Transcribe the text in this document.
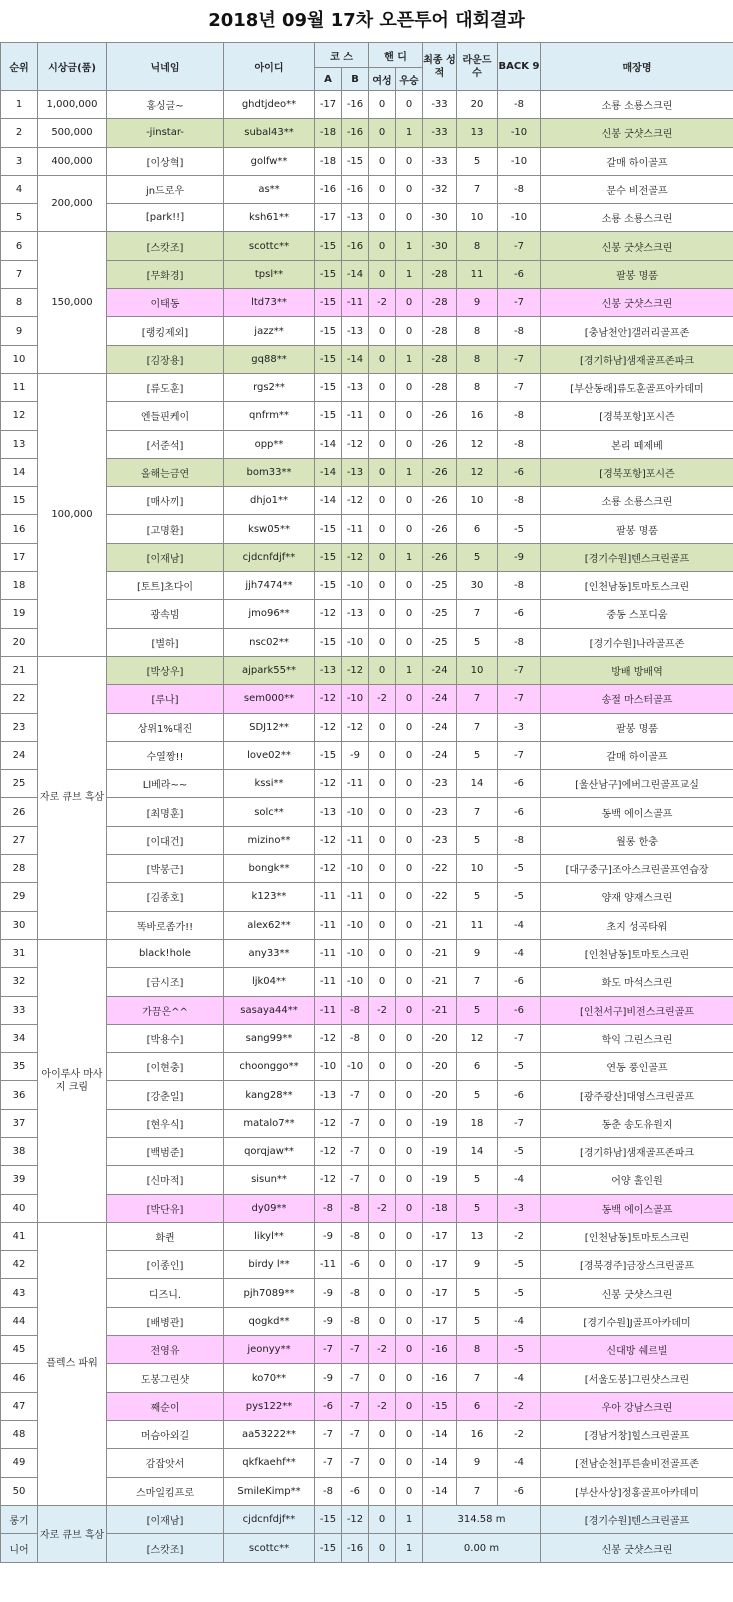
2018년 09월 17차 오픈투어 대회결과
순위	시상금(품)	닉네임	아이디	코 스		핸 디		최종 성적	라운드 수	BACK 9	매장명
				A	B	여성	우승				
1	1,000,000	홍싱글~	ghdtjdeo**	-17	-16	0	0	-33	20	-8	소룡 소룡스크린
2	500,000	-jinstar-	subal43**	-18	-16	0	1	-33	13	-10	신봉 굿샷스크린
3	400,000	[이상혁]	golfw**	-18	-15	0	0	-33	5	-10	갈매 하이골프
4	200,000	jn드로우	as**	-16	-16	0	0	-32	7	-8	문수 비전골프
5		[park!!]	ksh61**	-17	-13	0	0	-30	10	-10	소룡 소룡스크린
6	150,000	[스캇조]	scottc**	-15	-16	0	1	-30	8	-7	신봉 굿샷스크린
7		[무화경]	tpsl**	-15	-14	0	1	-28	11	-6	팔봉 명품
8		이태동	ltd73**	-15	-11	-2	0	-28	9	-7	신봉 굿샷스크린
9		[랭킹제외]	jazz**	-15	-13	0	0	-28	8	-8	[충남천안]갤러리골프존
10		[김장용]	gq88**	-15	-14	0	1	-28	8	-7	[경기하남]샘재골프존파크
11	100,000	[류도훈]	rgs2**	-15	-13	0	0	-28	8	-7	[부산동래]류도훈골프아카데미
12		엔들핀케이	qnfrm**	-15	-11	0	0	-26	16	-8	[경북포항]포시즌
13		[서준석]	opp**	-14	-12	0	0	-26	12	-8	본리 떼제베
14		올해는금연	bom33**	-14	-13	0	1	-26	12	-6	[경북포항]포시즌
15		[매사끼]	dhjo1**	-14	-12	0	0	-26	10	-8	소룡 소룡스크린
16		[고명환]	ksw05**	-15	-11	0	0	-26	6	-5	팔봉 명품
17		[이재남]	cjdcnfdjf**	-15	-12	0	1	-26	5	-9	[경기수원]텐스크린골프
18		[토트]초다이	jjh7474**	-15	-10	0	0	-25	30	-8	[인천남동]토마토스크린
19		광속빔	jmo96**	-12	-13	0	0	-25	7	-6	중동 스포디움
20		[별하]	nsc02**	-15	-10	0	0	-25	5	-8	[경기수원]나라골프존
21	자로 큐브 흑삼	[박상우]	ajpark55**	-13	-12	0	1	-24	10	-7	방배 방배역
22		[루나]	sem000**	-12	-10	-2	0	-24	7	-7	송절 마스터골프
23		상위1%대진	SDJ12**	-12	-12	0	0	-24	7	-3	팔봉 명품
24		수열짱!!	love02**	-15	-9	0	0	-24	5	-7	갈매 하이골프
25		Ll베라~~	kssi**	-12	-11	0	0	-23	14	-6	[울산남구]에버그린골프교실
26		[최명훈]	solc**	-13	-10	0	0	-23	7	-6	동백 에이스골프
27		[이대건]	mizino**	-12	-11	0	0	-23	5	-8	월롱 한충
28		[박봉근]	bongk**	-12	-10	0	0	-22	10	-5	[대구중구]조아스크린골프연습장
29		[김종호]	k123**	-11	-11	0	0	-22	5	-5	양재 양재스크린
30		똑바로좀가!!	alex62**	-11	-10	0	0	-21	11	-4	초지 성곡타워
31	아이루사 마사지 크림	black!hole	any33**	-11	-10	0	0	-21	9	-4	[인천남동]토마토스크린
32		[금시조]	ljk04**	-11	-10	0	0	-21	7	-6	화도 마석스크린
33		가끔은^^	sasaya44**	-11	-8	-2	0	-21	5	-6	[인천서구]비전스크린골프
34		[박용수]	sang99**	-12	-8	0	0	-20	12	-7	학익 그린스크린
35		[이현충]	choonggo**	-10	-10	0	0	-20	6	-5	연동 풍인골프
36		[강춘일]	kang28**	-13	-7	0	0	-20	5	-6	[광주광산]대영스크린골프
37		[현우식]	matalo7**	-12	-7	0	0	-19	18	-7	동춘 송도유원지
38		[백범준]	qorqjaw**	-12	-7	0	0	-19	14	-5	[경기하남]샘재골프존파크
39		[신마적]	sisun**	-12	-7	0	0	-19	5	-4	어양 홀인원
40		[박단유]	dy09**	-8	-8	-2	0	-18	5	-3	동백 에이스골프
41	플렉스 파워	화퀸	likyl**	-9	-8	0	0	-17	13	-2	[인천남동]토마토스크린
42		[이종인]	birdy l**	-11	-6	0	0	-17	9	-5	[경북경주]금장스크린골프
43		디즈니.	pjh7089**	-9	-8	0	0	-17	5	-5	신봉 굿샷스크린
44		[배병관]	qogkd**	-9	-8	0	0	-17	5	-4	[경기수원]J골프아카데미
45		전영유	jeonyy**	-7	-7	-2	0	-16	8	-5	신대방 쉐르빌
46		도봉그린샷	ko70**	-9	-7	0	0	-16	7	-4	[서울도봉]그린샷스크린
47		째순이	pys122**	-6	-7	-2	0	-15	6	-2	우아 강남스크린
48		머슴아외길	aa53222**	-7	-7	0	0	-14	16	-2	[경남거창]힐스크린골프
49		감잡앗서	qkfkaehf**	-7	-7	0	0	-14	9	-4	[전남순천]푸른솔비전골프존
50		스마일킴프로	SmileKimp**	-8	-6	0	0	-14	7	-6	[부산사상]정홍골프아카데미
롱기	자로 큐브 흑삼	[이재남]	cjdcnfdjf**	-15	-12	0	1	314.58 m			[경기수원]텐스크린골프
니어		[스캇조]	scottc**	-15	-16	0	1	0.00 m			신봉 굿샷스크린
